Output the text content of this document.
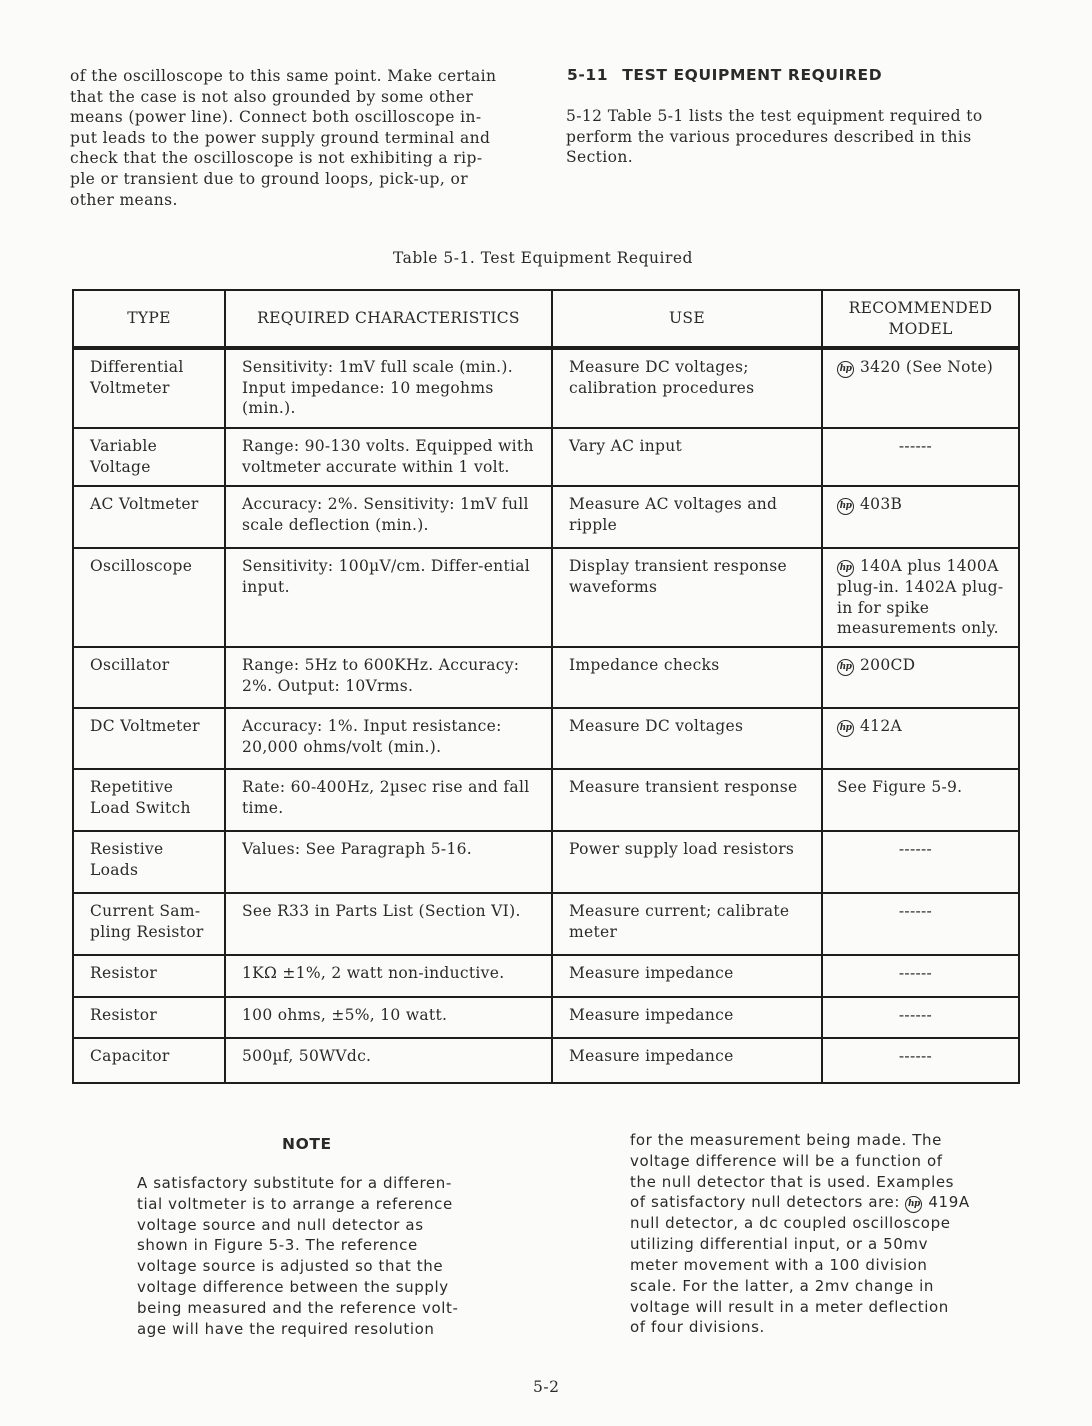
of the oscilloscope to this same point. Make certain
that the case is not also grounded by some other
means (power line). Connect both oscilloscope in-
put leads to the power supply ground terminal and
check that the oscilloscope is not exhibiting a rip-
ple or transient due to ground loops, pick-up, or
other means.
5-11 TEST EQUIPMENT REQUIRED
5-12 Table 5-1 lists the test equipment required to
perform the various procedures described in this
Section.
Table 5-1. Test Equipment Required
TYPE	REQUIRED CHARACTERISTICS	USE	RECOMMENDED MODEL
Differential Voltmeter	Sensitivity: 1mV full scale (min.). Input impedance: 10 megohms (min.).	Measure DC voltages; calibration procedures	hp 3420 (See Note)
Variable Voltage	Range: 90-130 volts. Equipped with voltmeter accurate within 1 volt.	Vary AC input	------
AC Voltmeter	Accuracy: 2%. Sensitivity: 1mV full scale deflection (min.).	Measure AC voltages and ripple	hp 403B
Oscilloscope	Sensitivity: 100µV/cm. Differ-ential input.	Display transient response waveforms	hp 140A plus 1400A plug-in. 1402A plug-in for spike measurements only.
Oscillator	Range: 5Hz to 600KHz. Accuracy: 2%. Output: 10Vrms.	Impedance checks	hp 200CD
DC Voltmeter	Accuracy: 1%. Input resistance: 20,000 ohms/volt (min.).	Measure DC voltages	hp 412A
Repetitive Load Switch	Rate: 60-400Hz, 2µsec rise and fall time.	Measure transient response	See Figure 5-9.
Resistive Loads	Values: See Paragraph 5-16.	Power supply load resistors	------
Current Sam-pling Resistor	See R33 in Parts List (Section VI).	Measure current; calibrate meter	------
Resistor	1KΩ ±1%, 2 watt non-inductive.	Measure impedance	------
Resistor	100 ohms, ±5%, 10 watt.	Measure impedance	------
Capacitor	500µf, 50WVdc.	Measure impedance	------
NOTE
A satisfactory substitute for a differen-
tial voltmeter is to arrange a reference
voltage source and null detector as
shown in Figure 5-3. The reference
voltage source is adjusted so that the
voltage difference between the supply
being measured and the reference volt-
age will have the required resolution
for the measurement being made. The
voltage difference will be a function of
the null detector that is used. Examples
of satisfactory null detectors are: hp 419A
null detector, a dc coupled oscilloscope
utilizing differential input, or a 50mv
meter movement with a 100 division
scale. For the latter, a 2mv change in
voltage will result in a meter deflection
of four divisions.
5-2
